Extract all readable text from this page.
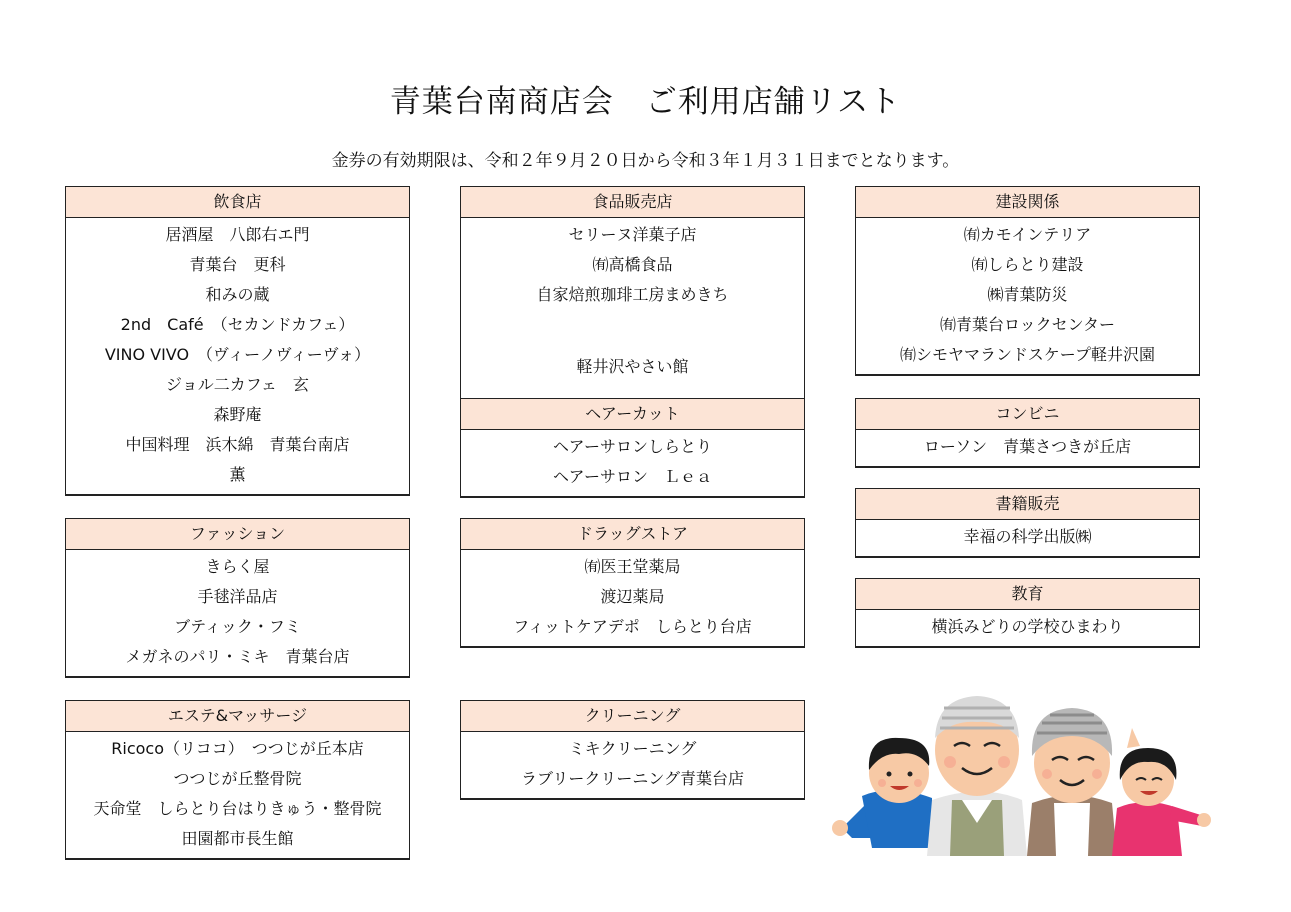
青葉台南商店会　ご利用店舗リスト
金券の有効期限は、令和２年９月２０日から令和３年１月３１日までとなります。
飲食店
居酒屋　八郎右エ門
青葉台　更科
和みの蔵
2nd　Café　（セカンドカフェ）
VINO VIVO　（ヴィーノヴィーヴォ）
ジョル二カフェ　玄
森野庵
中国料理　浜木綿　青葉台南店
薫
ファッション
きらく屋
手毬洋品店
ブティック・フミ
メガネのパリ・ミキ　青葉台店
エステ&マッサージ
Ricoco（リココ）　つつじが丘本店
つつじが丘整骨院
天命堂　しらとり台はりきゅう・整骨院
田園都市長生館
食品販売店
セリーヌ洋菓子店
㈲高橋食品
自家焙煎珈琲工房まめきち

軽井沢やさい館

ヘアーカット
ヘアーサロンしらとり
ヘアーサロン　Ｌｅａ
ドラッグストア
㈲医王堂薬局
渡辺薬局
フィットケアデポ　しらとり台店
クリーニング
ミキクリーニング
ラブリークリーニング青葉台店
建設関係
㈲カモインテリア
㈲しらとり建設
㈱青葉防災
㈲青葉台ロックセンター
㈲シモヤマランドスケープ軽井沢園
コンビニ
ローソン　青葉さつきが丘店
書籍販売
幸福の科学出版㈱
教育
横浜みどりの学校ひまわり
